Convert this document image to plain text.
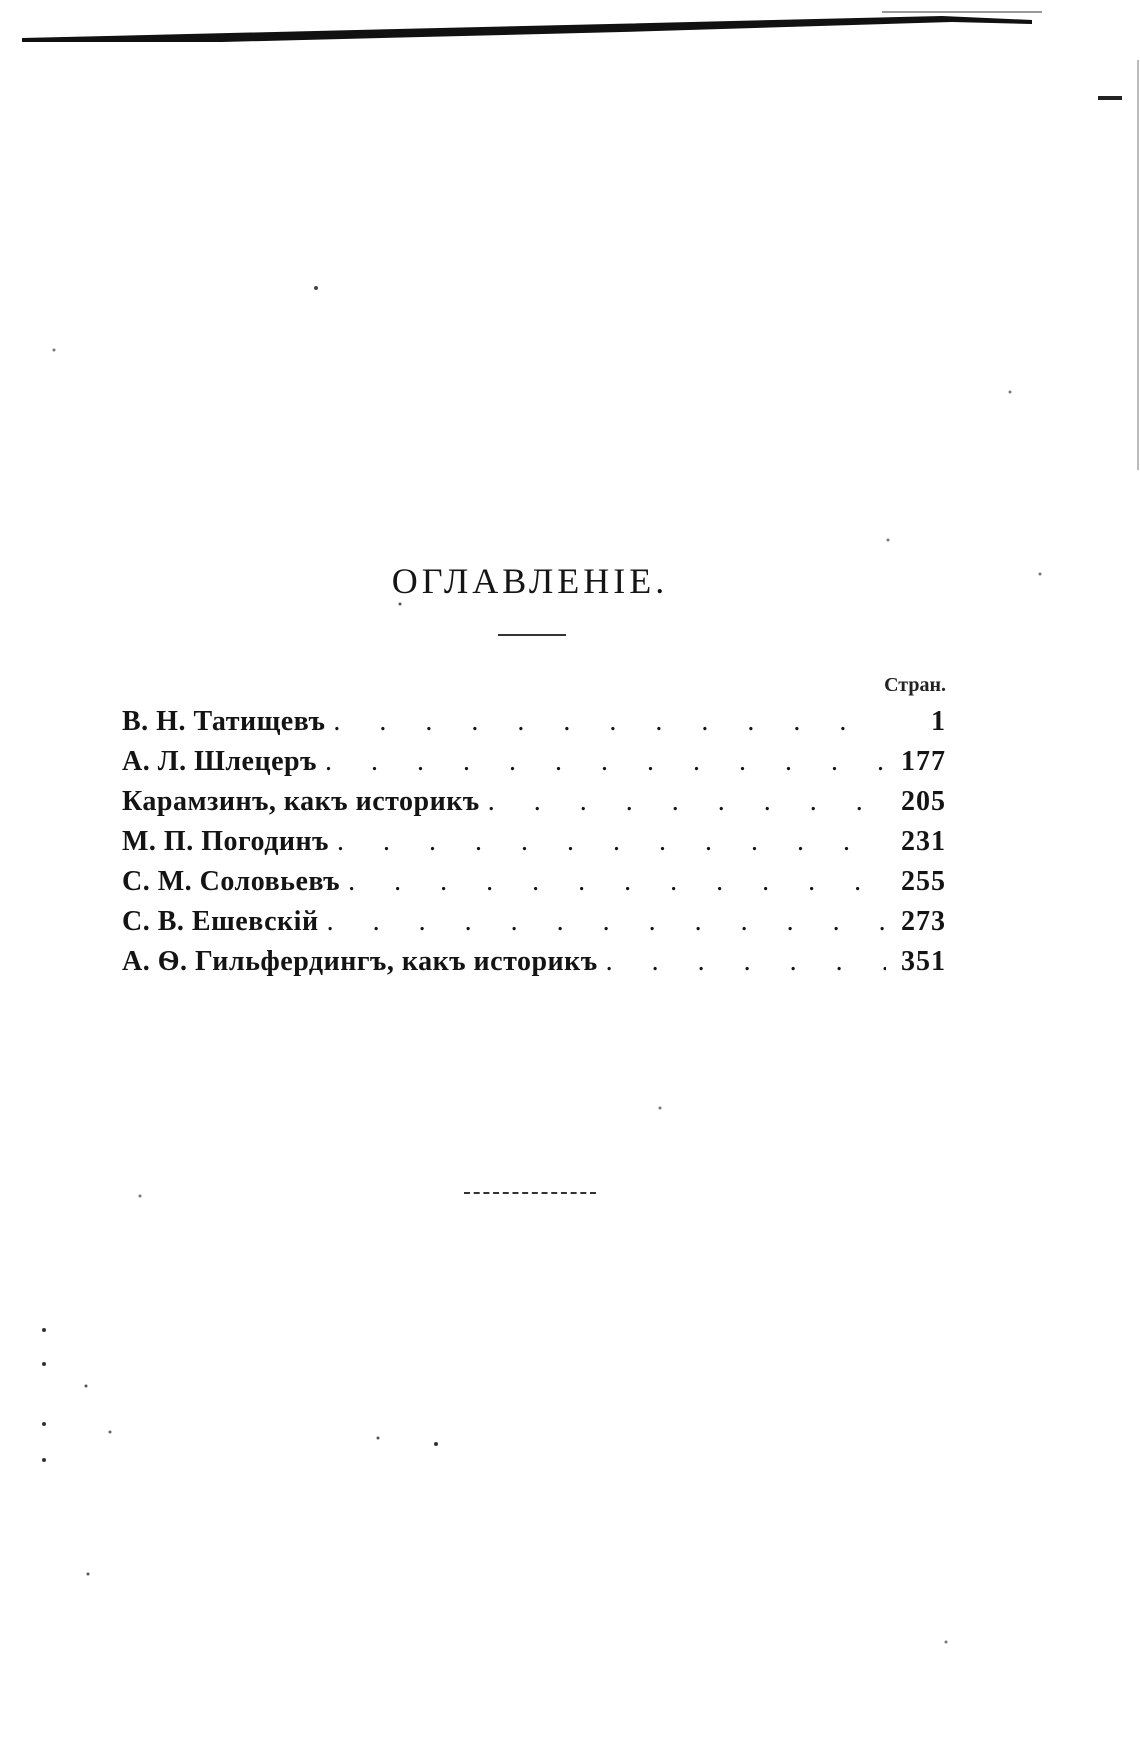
ОГЛАВЛЕНІЕ.
Стран.
В. Н. Татищевъ . . .	1
А. Л. Шлецеръ . . .	177
Карамзинъ, какъ историкъ . . .	205
М. П. Погодинъ . . .	231
С. М. Соловьевъ . . .	255
С. В. Ешевскій . . .	273
А. Ѳ. Гильфердингъ, какъ историкъ . . .	351
